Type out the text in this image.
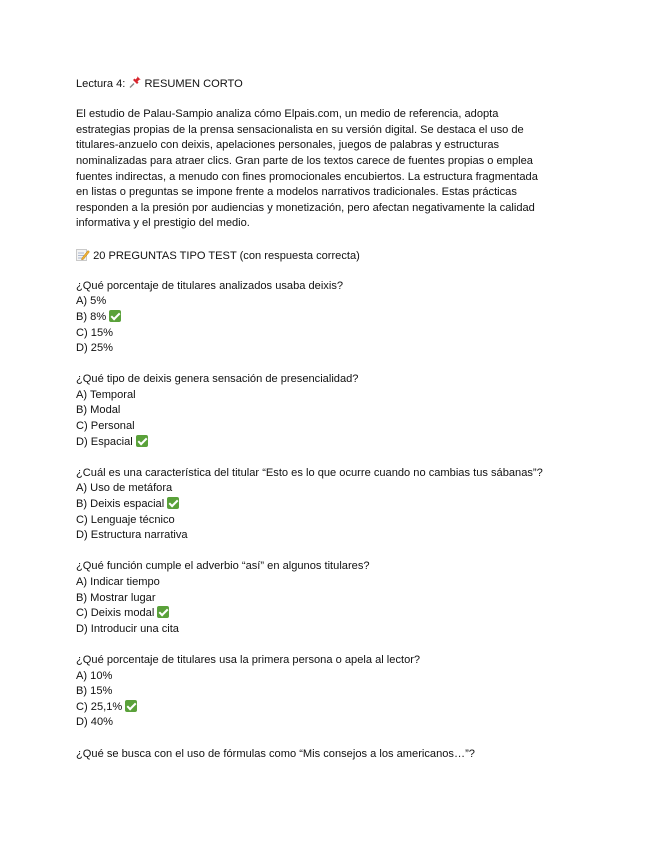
Lectura 4: RESUMEN CORTO
El estudio de Palau-Sampio analiza cómo Elpais.com, un medio de referencia, adopta
estrategias propias de la prensa sensacionalista en su versión digital. Se destaca el uso de
titulares-anzuelo con deixis, apelaciones personales, juegos de palabras y estructuras
nominalizadas para atraer clics. Gran parte de los textos carece de fuentes propias o emplea
fuentes indirectas, a menudo con fines promocionales encubiertos. La estructura fragmentada
en listas o preguntas se impone frente a modelos narrativos tradicionales. Estas prácticas
responden a la presión por audiencias y monetización, pero afectan negativamente la calidad
informativa y el prestigio del medio.
20 PREGUNTAS TIPO TEST (con respuesta correcta)
¿Qué porcentaje de titulares analizados usaba deixis?
A) 5%
B) 8%
C) 15%
D) 25%
¿Qué tipo de deixis genera sensación de presencialidad?
A) Temporal
B) Modal
C) Personal
D) Espacial
¿Cuál es una característica del titular “Esto es lo que ocurre cuando no cambias tus sábanas”?
A) Uso de metáfora
B) Deixis espacial
C) Lenguaje técnico
D) Estructura narrativa
¿Qué función cumple el adverbio “así” en algunos titulares?
A) Indicar tiempo
B) Mostrar lugar
C) Deixis modal
D) Introducir una cita
¿Qué porcentaje de titulares usa la primera persona o apela al lector?
A) 10%
B) 15%
C) 25,1%
D) 40%
¿Qué se busca con el uso de fórmulas como “Mis consejos a los americanos…”?
